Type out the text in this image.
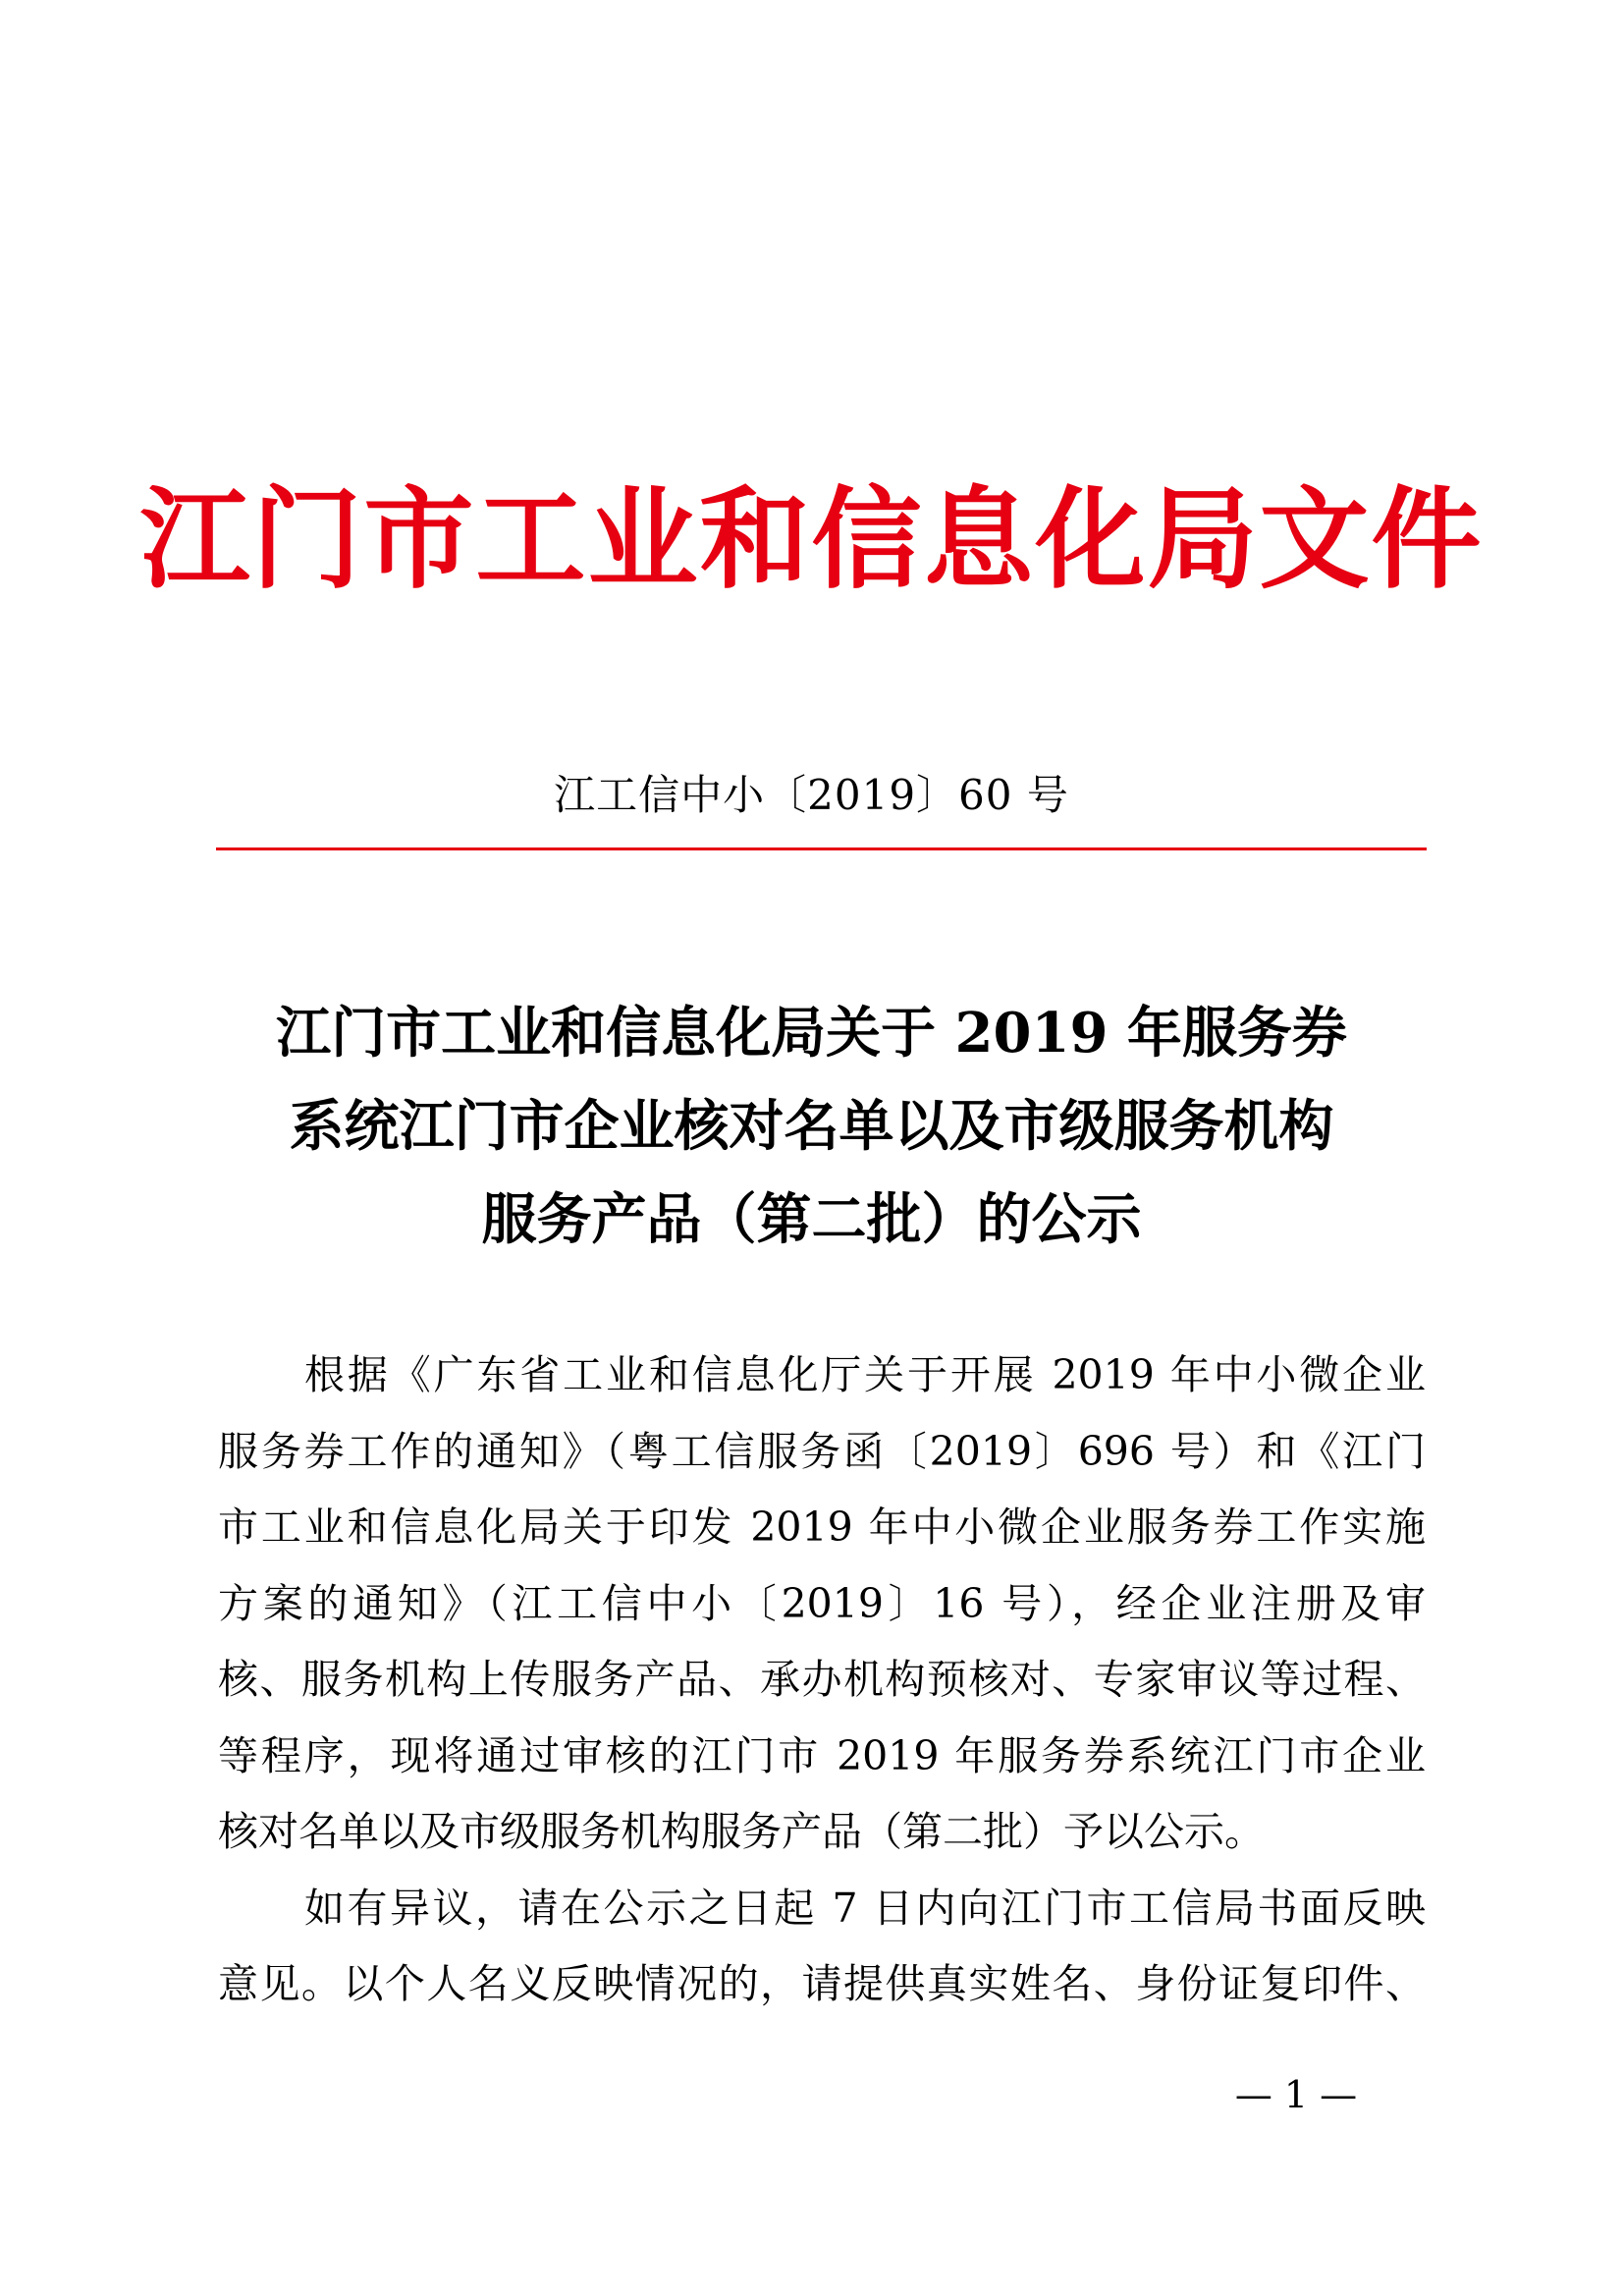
江门市工业和信息化局文件
江工信中小〔2019〕60 号
江门市工业和信息化局关于 2019 年服务券
系统江门市企业核对名单以及市级服务机构
服务产品（第二批）的公示
根据《广东省工业和信息化厅关于开展 2019 年中小微企业
服务券工作的通知》（粤工信服务函〔2019〕696 号）和《江门
市工业和信息化局关于印发 2019 年中小微企业服务券工作实施
方案的通知》（江工信中小〔2019〕16 号），经企业注册及审
核、服务机构上传服务产品、承办机构预核对、专家审议等过程、
等程序，现将通过审核的江门市 2019 年服务券系统江门市企业
核对名单以及市级服务机构服务产品（第二批）予以公示。
如有异议，请在公示之日起 7 日内向江门市工信局书面反映
意见。以个人名义反映情况的，请提供真实姓名、身份证复印件、
— 1 —
